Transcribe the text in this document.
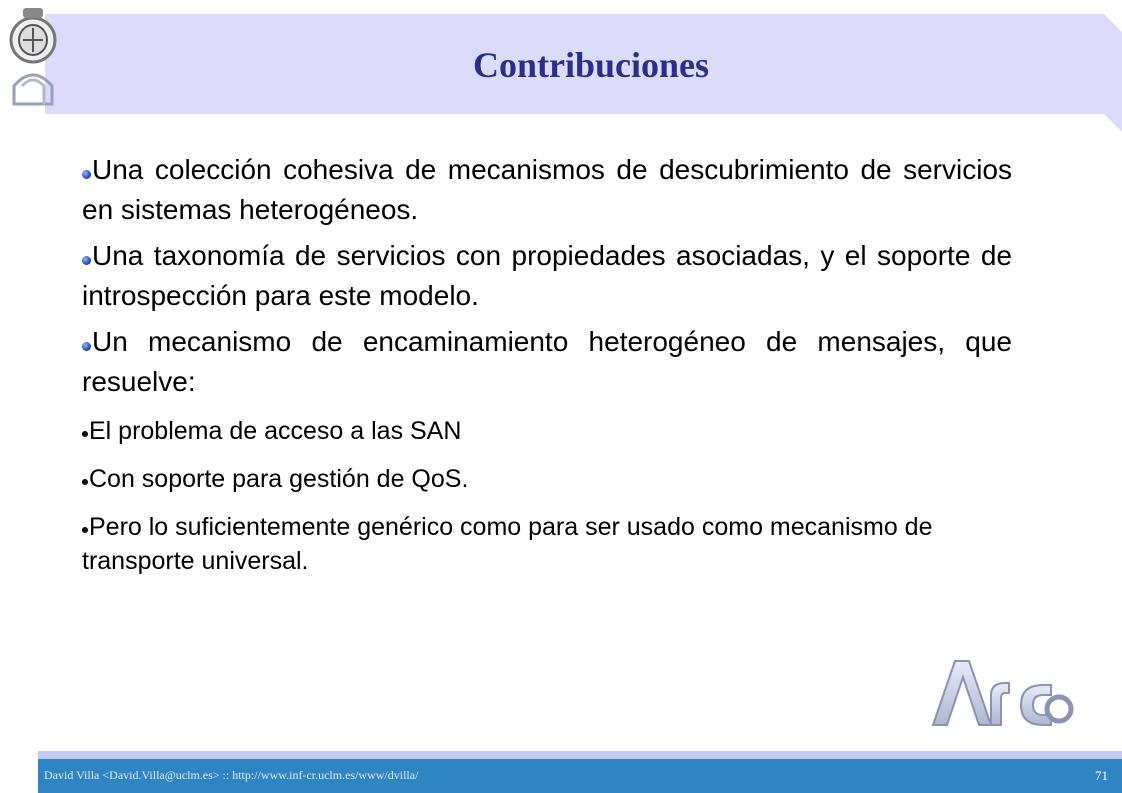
Contribuciones
Una colección cohesiva de mecanismos de descubrimiento de servicios en sistemas heterogéneos.
Una taxonomía de servicios con propiedades asociadas, y el soporte de introspección para este modelo.
Un mecanismo de encaminamiento heterogéneo de mensajes, que resuelve:
El problema de acceso a las SAN
Con soporte para gestión de QoS.
Pero lo suficientemente genérico como para ser usado como mecanismo de transporte universal.
David Villa <David.Villa@uclm.es> :: http://www.inf-cr.uclm.es/www/dvilla/	71
